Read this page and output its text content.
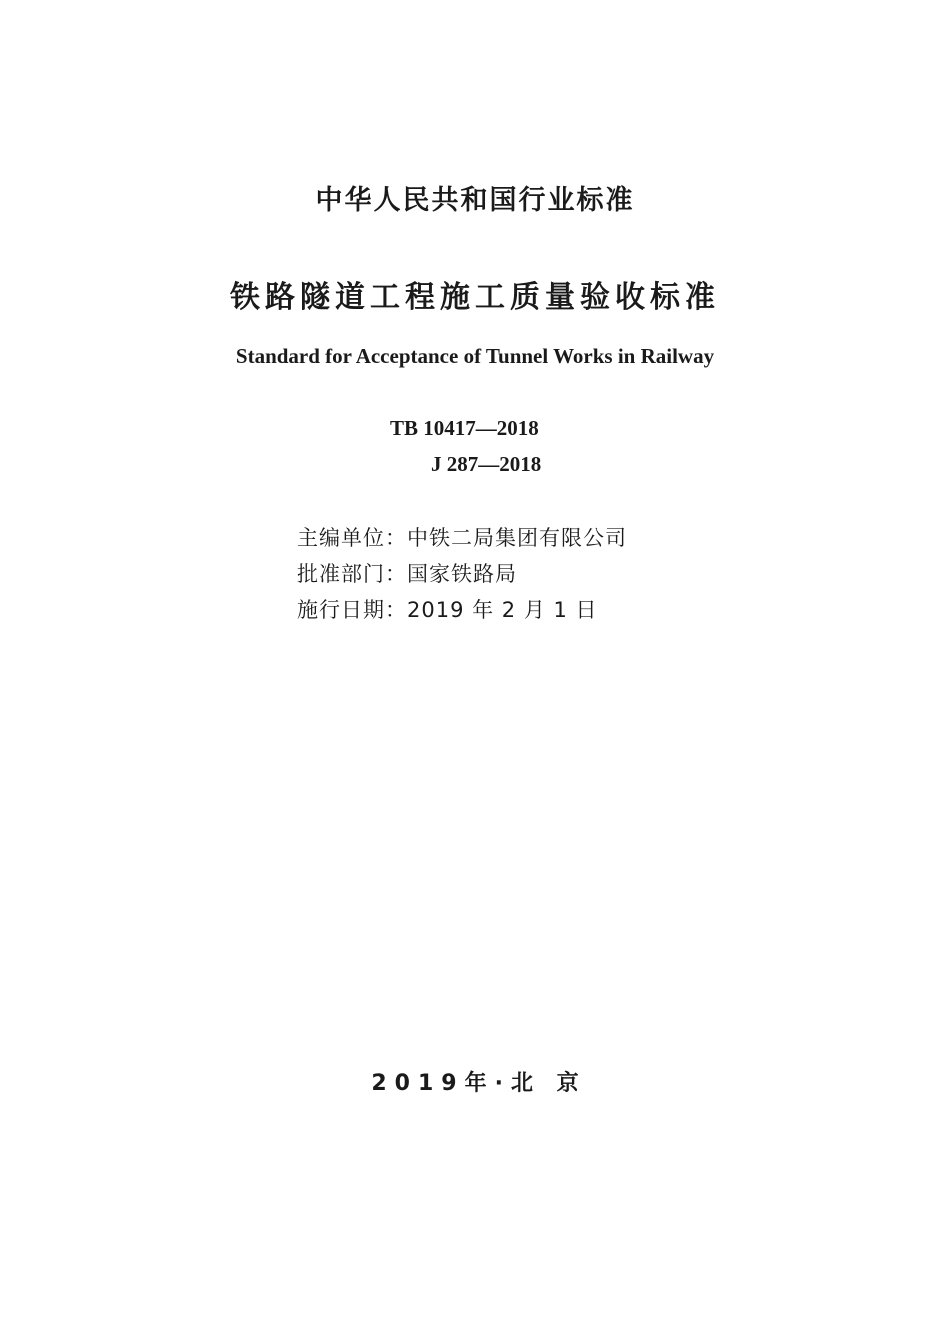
中华人民共和国行业标准
铁路隧道工程施工质量验收标准
Standard for Acceptance of Tunnel Works in Railway
TB 10417—2018
J 287—2018
主编单位：中铁二局集团有限公司
批准部门：国家铁路局
施行日期：2019 年 2 月 1 日
2019年·北 京
